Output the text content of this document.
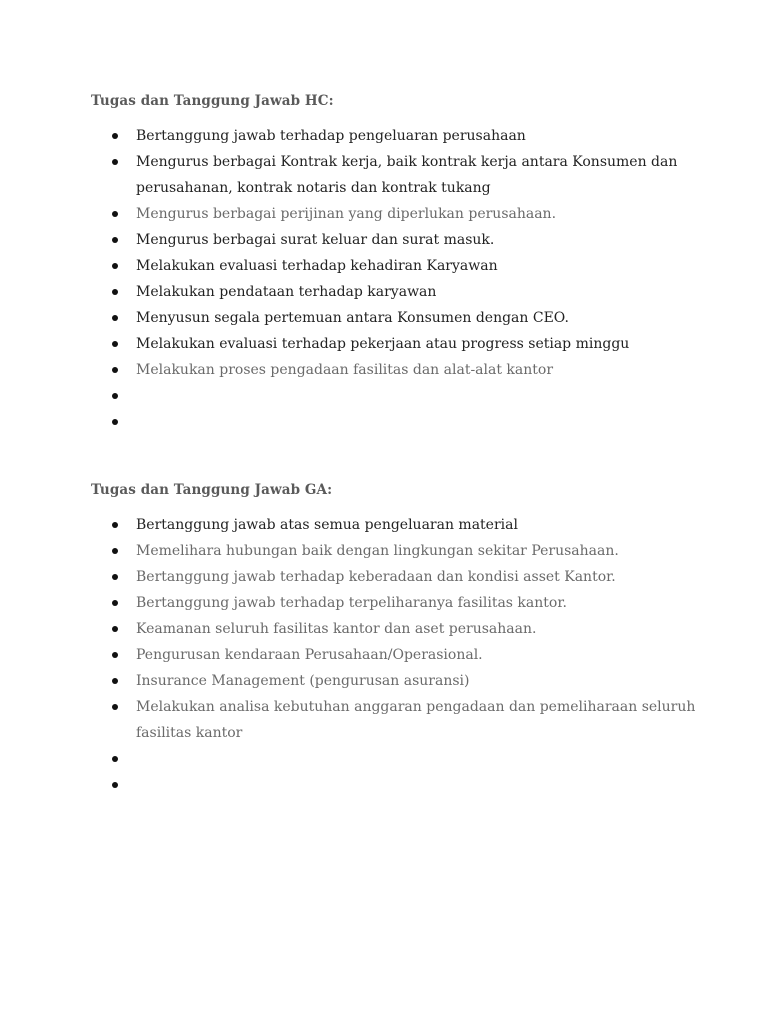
Tugas dan Tanggung Jawab HC:
Bertanggung jawab terhadap pengeluaran perusahaan
Mengurus berbagai Kontrak kerja, baik kontrak kerja antara Konsumen dan perusahanan, kontrak notaris dan kontrak tukang
Mengurus berbagai perijinan yang diperlukan perusahaan.
Mengurus berbagai surat keluar dan surat masuk.
Melakukan evaluasi terhadap kehadiran Karyawan
Melakukan pendataan terhadap karyawan
Menyusun segala pertemuan antara Konsumen dengan CEO.
Melakukan evaluasi terhadap pekerjaan atau progress setiap minggu
Melakukan proses pengadaan fasilitas dan alat-alat kantor

Tugas dan Tanggung Jawab GA:
Bertanggung jawab atas semua pengeluaran material
Memelihara hubungan baik dengan lingkungan sekitar Perusahaan.
Bertanggung jawab terhadap keberadaan dan kondisi asset Kantor.
Bertanggung jawab terhadap terpeliharanya fasilitas kantor.
Keamanan seluruh fasilitas kantor dan aset perusahaan.
Pengurusan kendaraan Perusahaan/Operasional.
Insurance Management (pengurusan asuransi)
Melakukan analisa kebutuhan anggaran pengadaan dan pemeliharaan seluruh fasilitas kantor
